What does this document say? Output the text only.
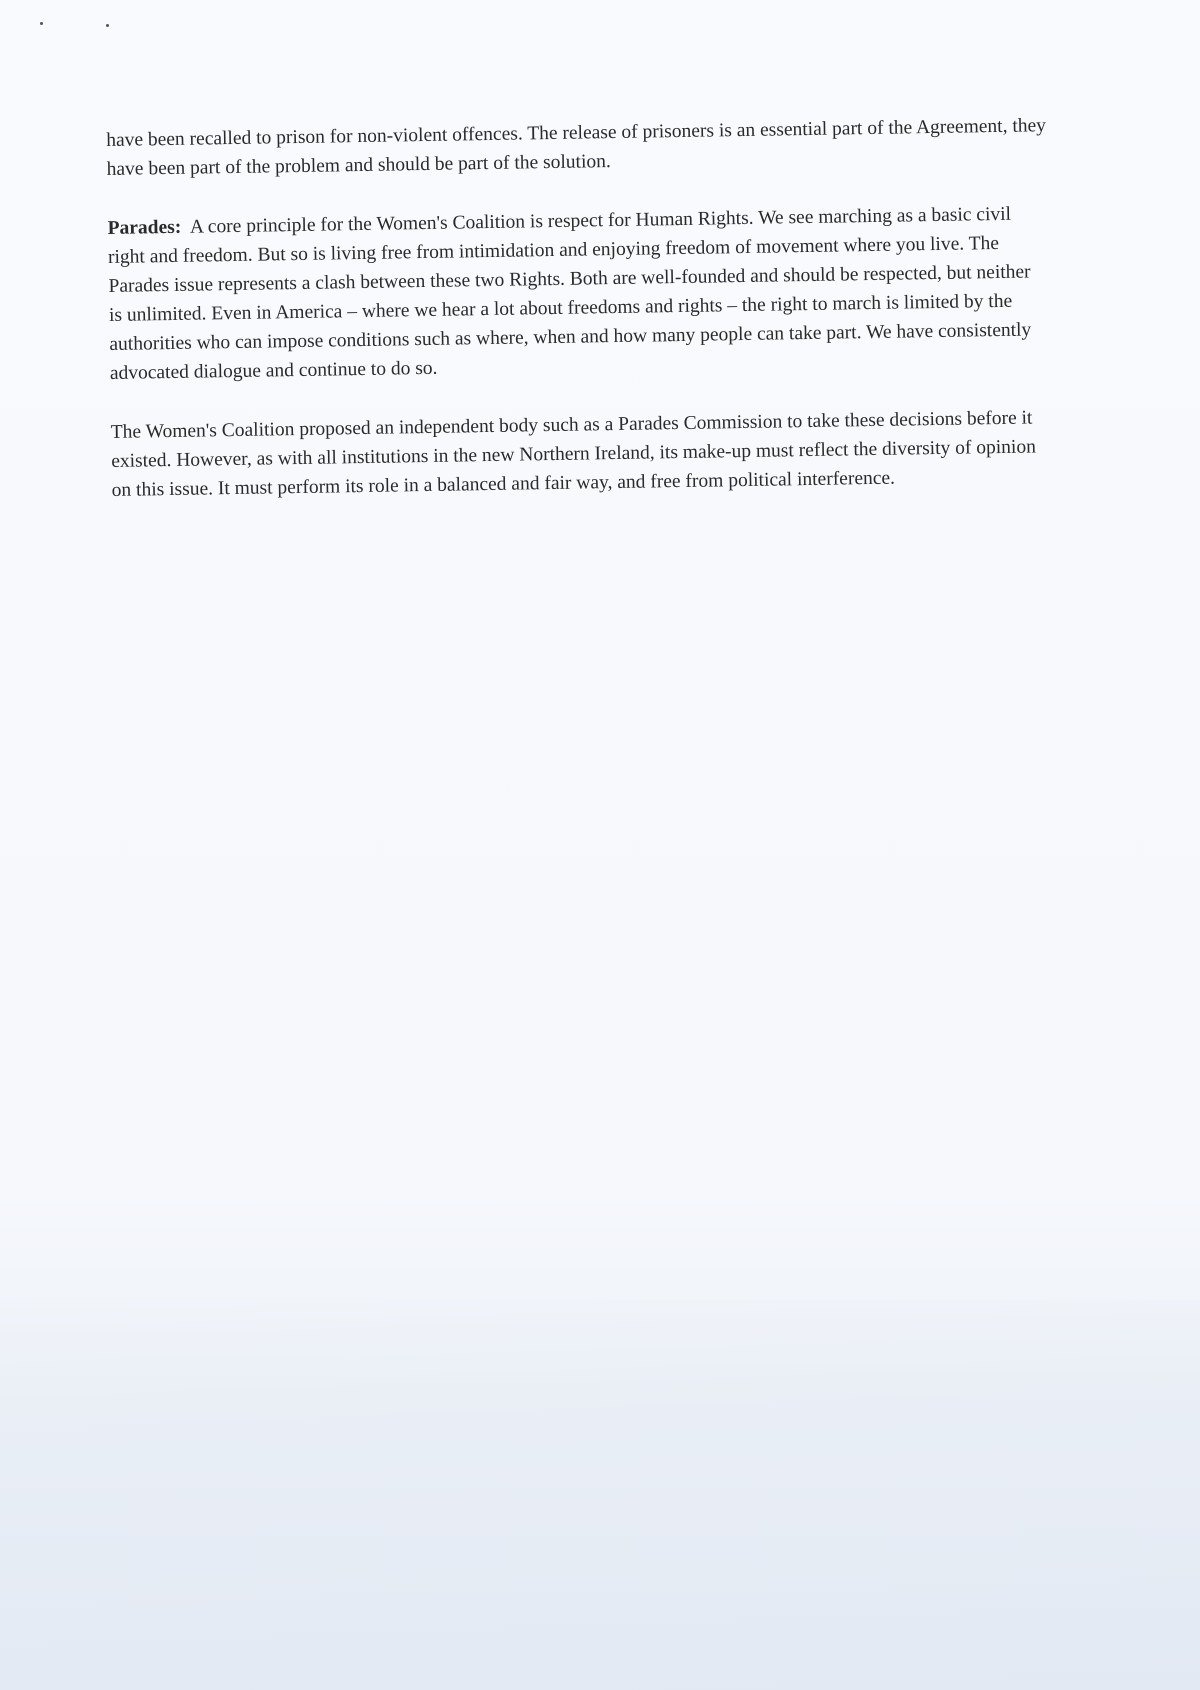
have been recalled to prison for non-violent offences. The release of prisoners is an essential part of the Agreement, they have been part of the problem and should be part of the solution.

Parades: A core principle for the Women's Coalition is respect for Human Rights. We see marching as a basic civil right and freedom. But so is living free from intimidation and enjoying freedom of movement where you live. The Parades issue represents a clash between these two Rights. Both are well-founded and should be respected, but neither is unlimited. Even in America – where we hear a lot about freedoms and rights – the right to march is limited by the authorities who can impose conditions such as where, when and how many people can take part. We have consistently advocated dialogue and continue to do so.

The Women's Coalition proposed an independent body such as a Parades Commission to take these decisions before it existed. However, as with all institutions in the new Northern Ireland, its make-up must reflect the diversity of opinion on this issue. It must perform its role in a balanced and fair way, and free from political interference.
